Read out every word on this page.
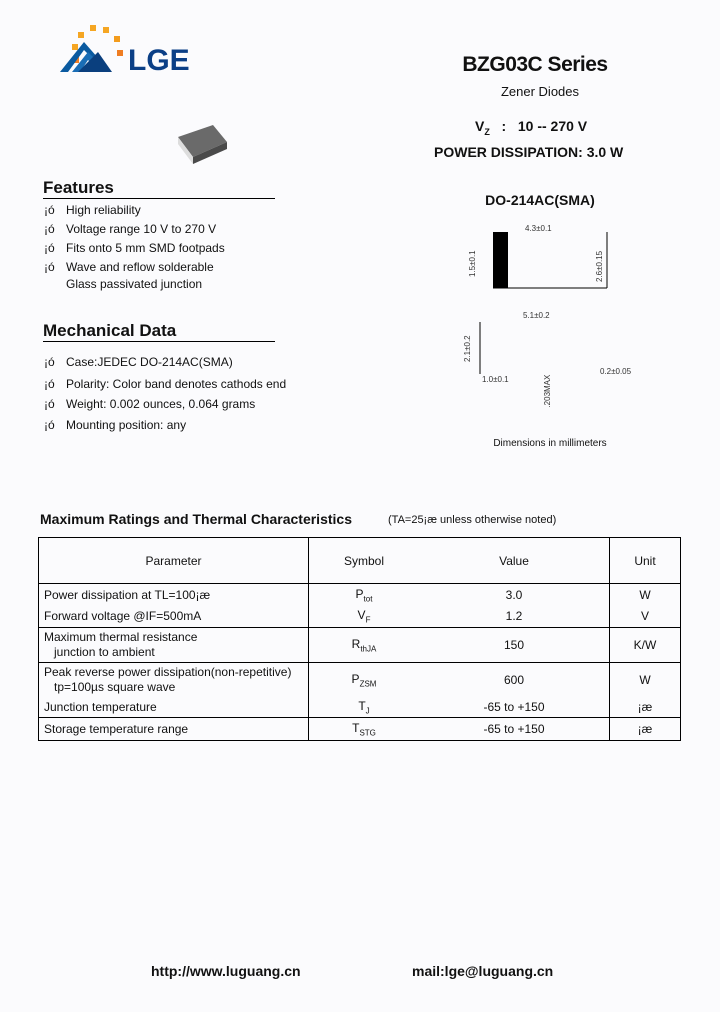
LGE	BZG03C Series
Zener Diodes
$V_Z$ : 10 -- 270 V
POWER DISSIPATION: 3.0 W
DO-214AC(SMA)
4.3±0.1
1.5±0.1	2.6±0.15
5.1±0.2
2.1±0.2
1.0±0.1
0.2±0.05
0.203MAX
Dimensions in millimeters
Features
¡ó High reliability
¡ó Voltage range 10 V to 270 V
¡ó Fits onto 5 mm SMD footpads
¡ó Wave and reflow solderable
Glass passivated junction
Mechanical Data
¡ó Case:JEDEC DO-214AC(SMA)
¡ó Polarity: Color band denotes cathods end
¡ó Weight: 0.002 ounces, 0.064 grams
¡ó Mounting position: any
Maximum Ratings and Thermal Characteristics	(TA=25¡æ unless otherwise noted)
Parameter	Symbol	Value	Unit
Power dissipation at TL=100¡æ	$P_{tot}$	3.0	W
Forward voltage @IF=500mA	$V_F$	1.2	V

Maximum thermal resistance
junction to ambient	$R_{thJA}$	150	K/W

Peak reverse power dissipation(non-repetitive)
tp=100µs square wave	$P_{ZSM}$	600	W
Junction temperature	$T_J$	-65 to +150	¡æ
Storage temperature range	$T_{STG}$	-65 to +150	¡æ
http://www.luguang.cn	mail:lge@luguang.cn
